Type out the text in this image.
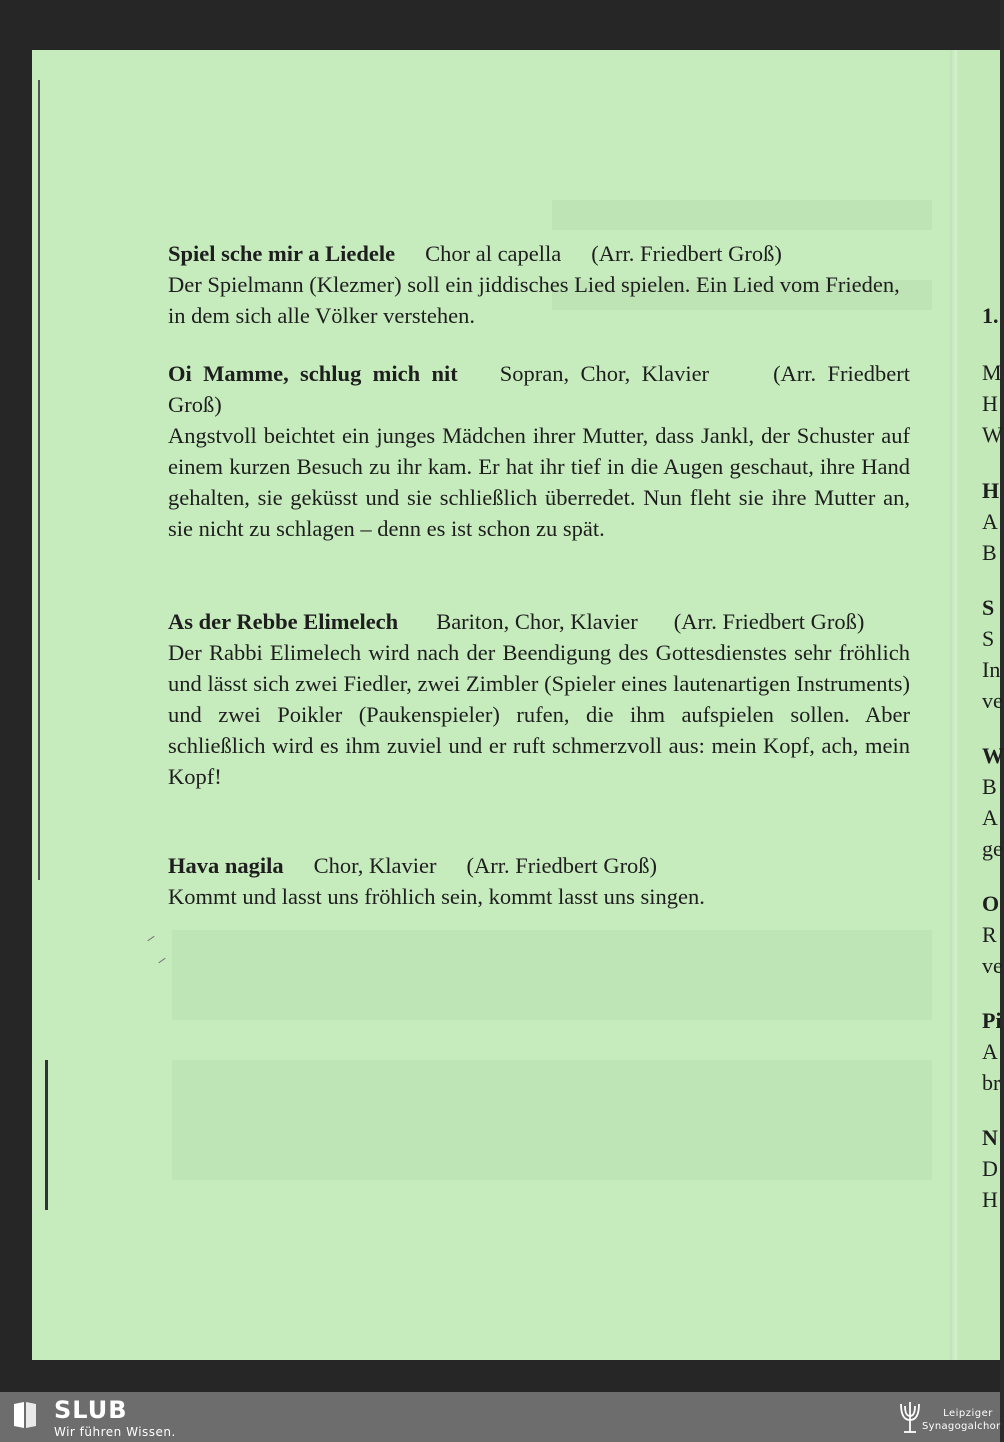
1.
M
H
W
H
A
B
S
S
In
ve
W
B
A
ge
O
R
ve
Pi
A
br
N
D
H
Spiel sche mir a Liedele Chor al capella (Arr. Friedbert Groß)

Der Spielmann (Klezmer) soll ein jiddisches Lied spielen. Ein Lied vom Frieden, in dem sich alle Völker verstehen.

Oi Mamme, schlug mich nit Sopran, Chor, Klavier	(Arr. Friedbert Groß)

Angstvoll beichtet ein junges Mädchen ihrer Mutter, dass Jankl, der Schuster auf einem kurzen Besuch zu ihr kam. Er hat ihr tief in die Augen geschaut, ihre Hand gehalten, sie geküsst und sie schließlich überredet. Nun fleht sie ihre Mutter an, sie nicht zu schlagen – denn es ist schon zu spät.

As der Rebbe Elimelech Bariton, Chor, Klavier (Arr. Friedbert Groß)

Der Rabbi Elimelech wird nach der Beendigung des Gottesdienstes sehr fröhlich und lässt sich zwei Fiedler, zwei Zimbler (Spieler eines lautenartigen Instruments) und zwei Poikler (Paukenspieler) rufen, die ihm aufspielen sollen. Aber schließlich wird es ihm zuviel und er ruft schmerzvoll aus: mein Kopf, ach, mein Kopf!

Hava nagila Chor, Klavier (Arr. Friedbert Groß)

Kommt und lasst uns fröhlich sein, kommt lasst uns singen.

SLUB
Wir führen Wissen.
Leipziger
Synagogalchor
